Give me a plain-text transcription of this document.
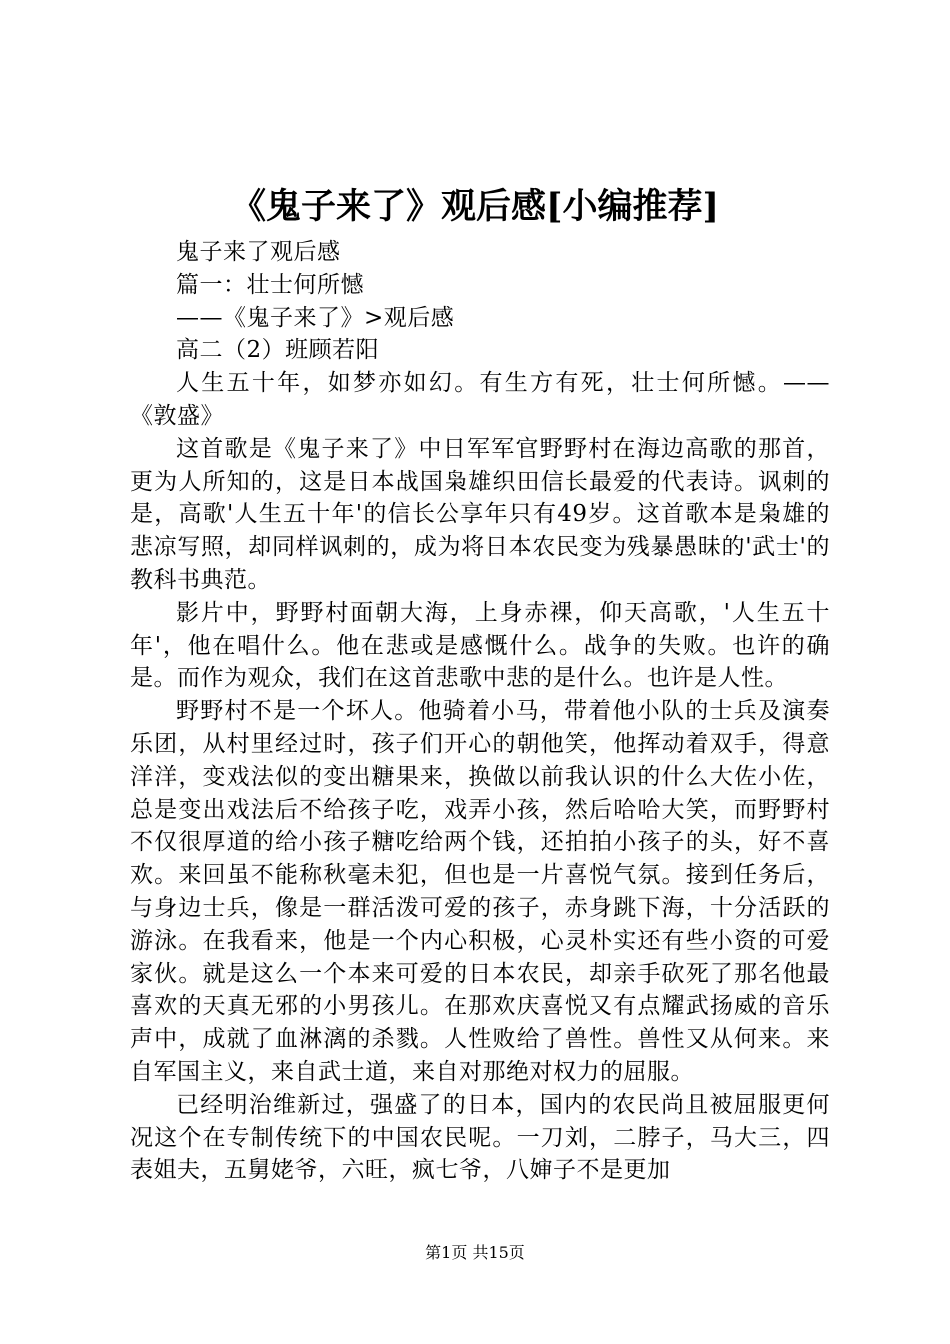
《鬼子来了》观后感[小编推荐]

鬼子来了观后感

篇一：壮士何所憾

——《鬼子来了》>观后感

高二（2）班顾若阳

人生五十年，如梦亦如幻。有生方有死，壮士何所憾。——《敦盛》

这首歌是《鬼子来了》中日军军官野野村在海边高歌的那首，更为人所知的，这是日本战国枭雄织田信长最爱的代表诗。讽刺的是，高歌'人生五十年'的信长公享年只有49岁。这首歌本是枭雄的悲凉写照，却同样讽刺的，成为将日本农民变为残暴愚昧的'武士'的教科书典范。

影片中，野野村面朝大海，上身赤裸，仰天高歌，'人生五十年'，他在唱什么。他在悲或是感慨什么。战争的失败。也许的确是。而作为观众，我们在这首悲歌中悲的是什么。也许是人性。

野野村不是一个坏人。他骑着小马，带着他小队的士兵及演奏乐团，从村里经过时，孩子们开心的朝他笑，他挥动着双手，得意洋洋，变戏法似的变出糖果来，换做以前我认识的什么大佐小佐，总是变出戏法后不给孩子吃，戏弄小孩，然后哈哈大笑，而野野村不仅很厚道的给小孩子糖吃给两个钱，还拍拍小孩子的头，好不喜欢。来回虽不能称秋毫未犯，但也是一片喜悦气氛。接到任务后，与身边士兵，像是一群活泼可爱的孩子，赤身跳下海，十分活跃的游泳。在我看来，他是一个内心积极，心灵朴实还有些小资的可爱家伙。就是这么一个本来可爱的日本农民，却亲手砍死了那名他最喜欢的天真无邪的小男孩儿。在那欢庆喜悦又有点耀武扬威的音乐声中，成就了血淋漓的杀戮。人性败给了兽性。兽性又从何来。来自军国主义，来自武士道，来自对那绝对权力的屈服。

已经明治维新过，强盛了的日本，国内的农民尚且被屈服更何况这个在专制传统下的中国农民呢。一刀刘，二脖子，马大三，四表姐夫，五舅姥爷，六旺，疯七爷，八婶子不是更加

第1页 共15页
